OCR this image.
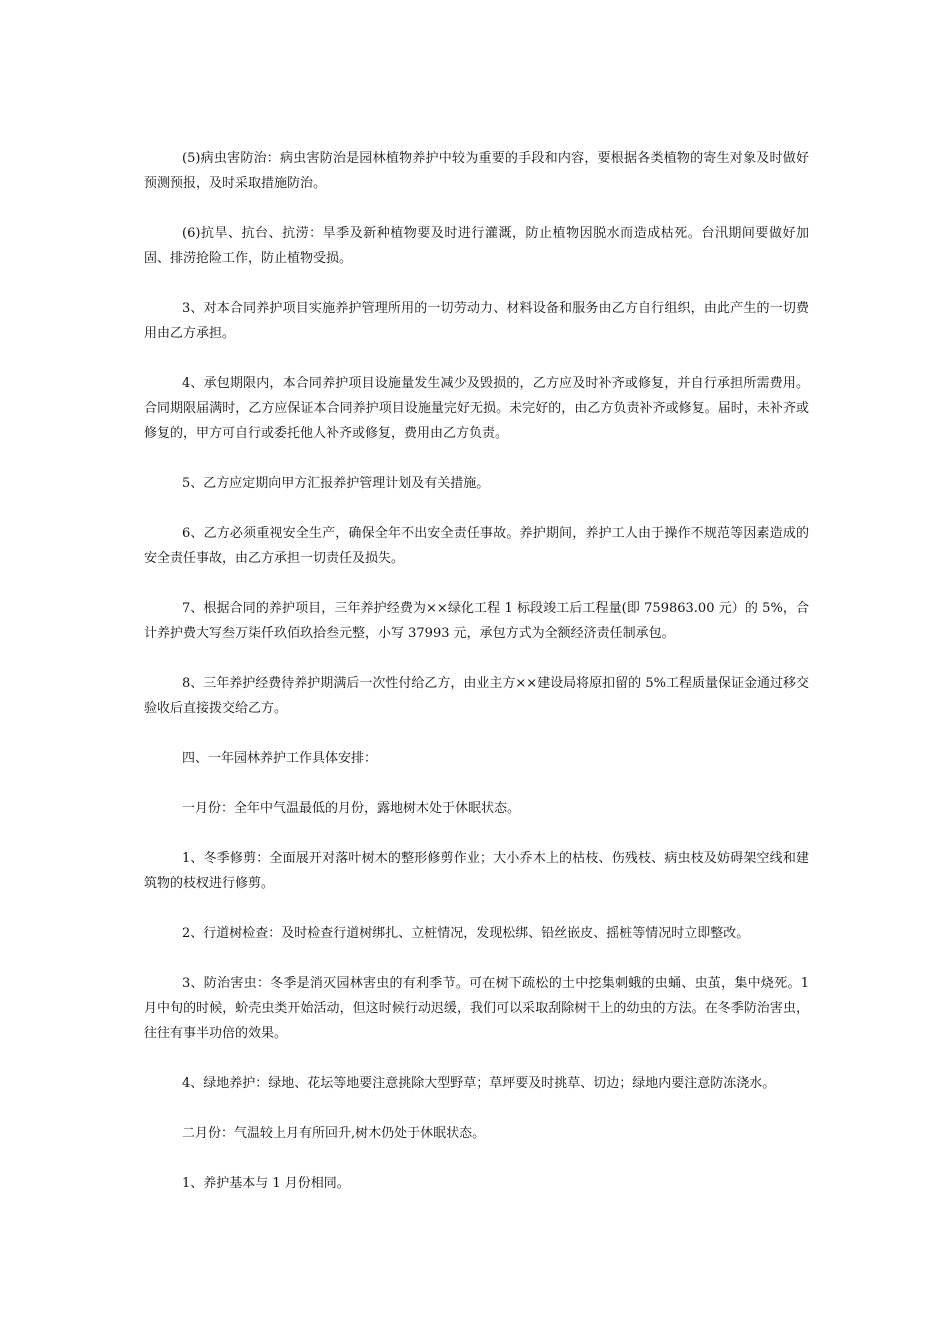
(5)病虫害防治：病虫害防治是园林植物养护中较为重要的手段和内容，要根据各类植物的寄生对象及时做好预测预报，及时采取措施防治。

(6)抗旱、抗台、抗涝：旱季及新种植物要及时进行灌溉，防止植物因脱水而造成枯死。台汛期间要做好加固、排涝抢险工作，防止植物受损。

3、对本合同养护项目实施养护管理所用的一切劳动力、材料设备和服务由乙方自行组织，由此产生的一切费用由乙方承担。

4、承包期限内，本合同养护项目设施量发生减少及毁损的，乙方应及时补齐或修复，并自行承担所需费用。合同期限届满时，乙方应保证本合同养护项目设施量完好无损。未完好的，由乙方负责补齐或修复。届时，未补齐或修复的，甲方可自行或委托他人补齐或修复，费用由乙方负责。

5、乙方应定期向甲方汇报养护管理计划及有关措施。

6、乙方必须重视安全生产，确保全年不出安全责任事故。养护期间，养护工人由于操作不规范等因素造成的安全责任事故，由乙方承担一切责任及损失。

7、根据合同的养护项目，三年养护经费为××绿化工程 1 标段竣工后工程量(即 759863.00 元）的 5%，合计养护费大写叁万柒仟玖佰玖拾叁元整，小写 37993 元，承包方式为全额经济责任制承包。

8、三年养护经费待养护期满后一次性付给乙方，由业主方××建设局将原扣留的 5%工程质量保证金通过移交验收后直接拨交给乙方。

四、一年园林养护工作具体安排：

一月份：全年中气温最低的月份，露地树木处于休眠状态。

1、冬季修剪：全面展开对落叶树木的整形修剪作业；大小乔木上的枯枝、伤残枝、病虫枝及妨碍架空线和建筑物的枝杈进行修剪。

2、行道树检查：及时检查行道树绑扎、立桩情况，发现松绑、铅丝嵌皮、摇桩等情况时立即整改。

3、防治害虫：冬季是消灭园林害虫的有利季节。可在树下疏松的土中挖集刺蛾的虫蛹、虫茧，集中烧死。1 月中旬的时候，蚧壳虫类开始活动，但这时候行动迟缓，我们可以采取刮除树干上的幼虫的方法。在冬季防治害虫，往往有事半功倍的效果。

4、绿地养护：绿地、花坛等地要注意挑除大型野草；草坪要及时挑草、切边；绿地内要注意防冻浇水。

二月份：气温较上月有所回升,树木仍处于休眠状态。

1、养护基本与 1 月份相同。
